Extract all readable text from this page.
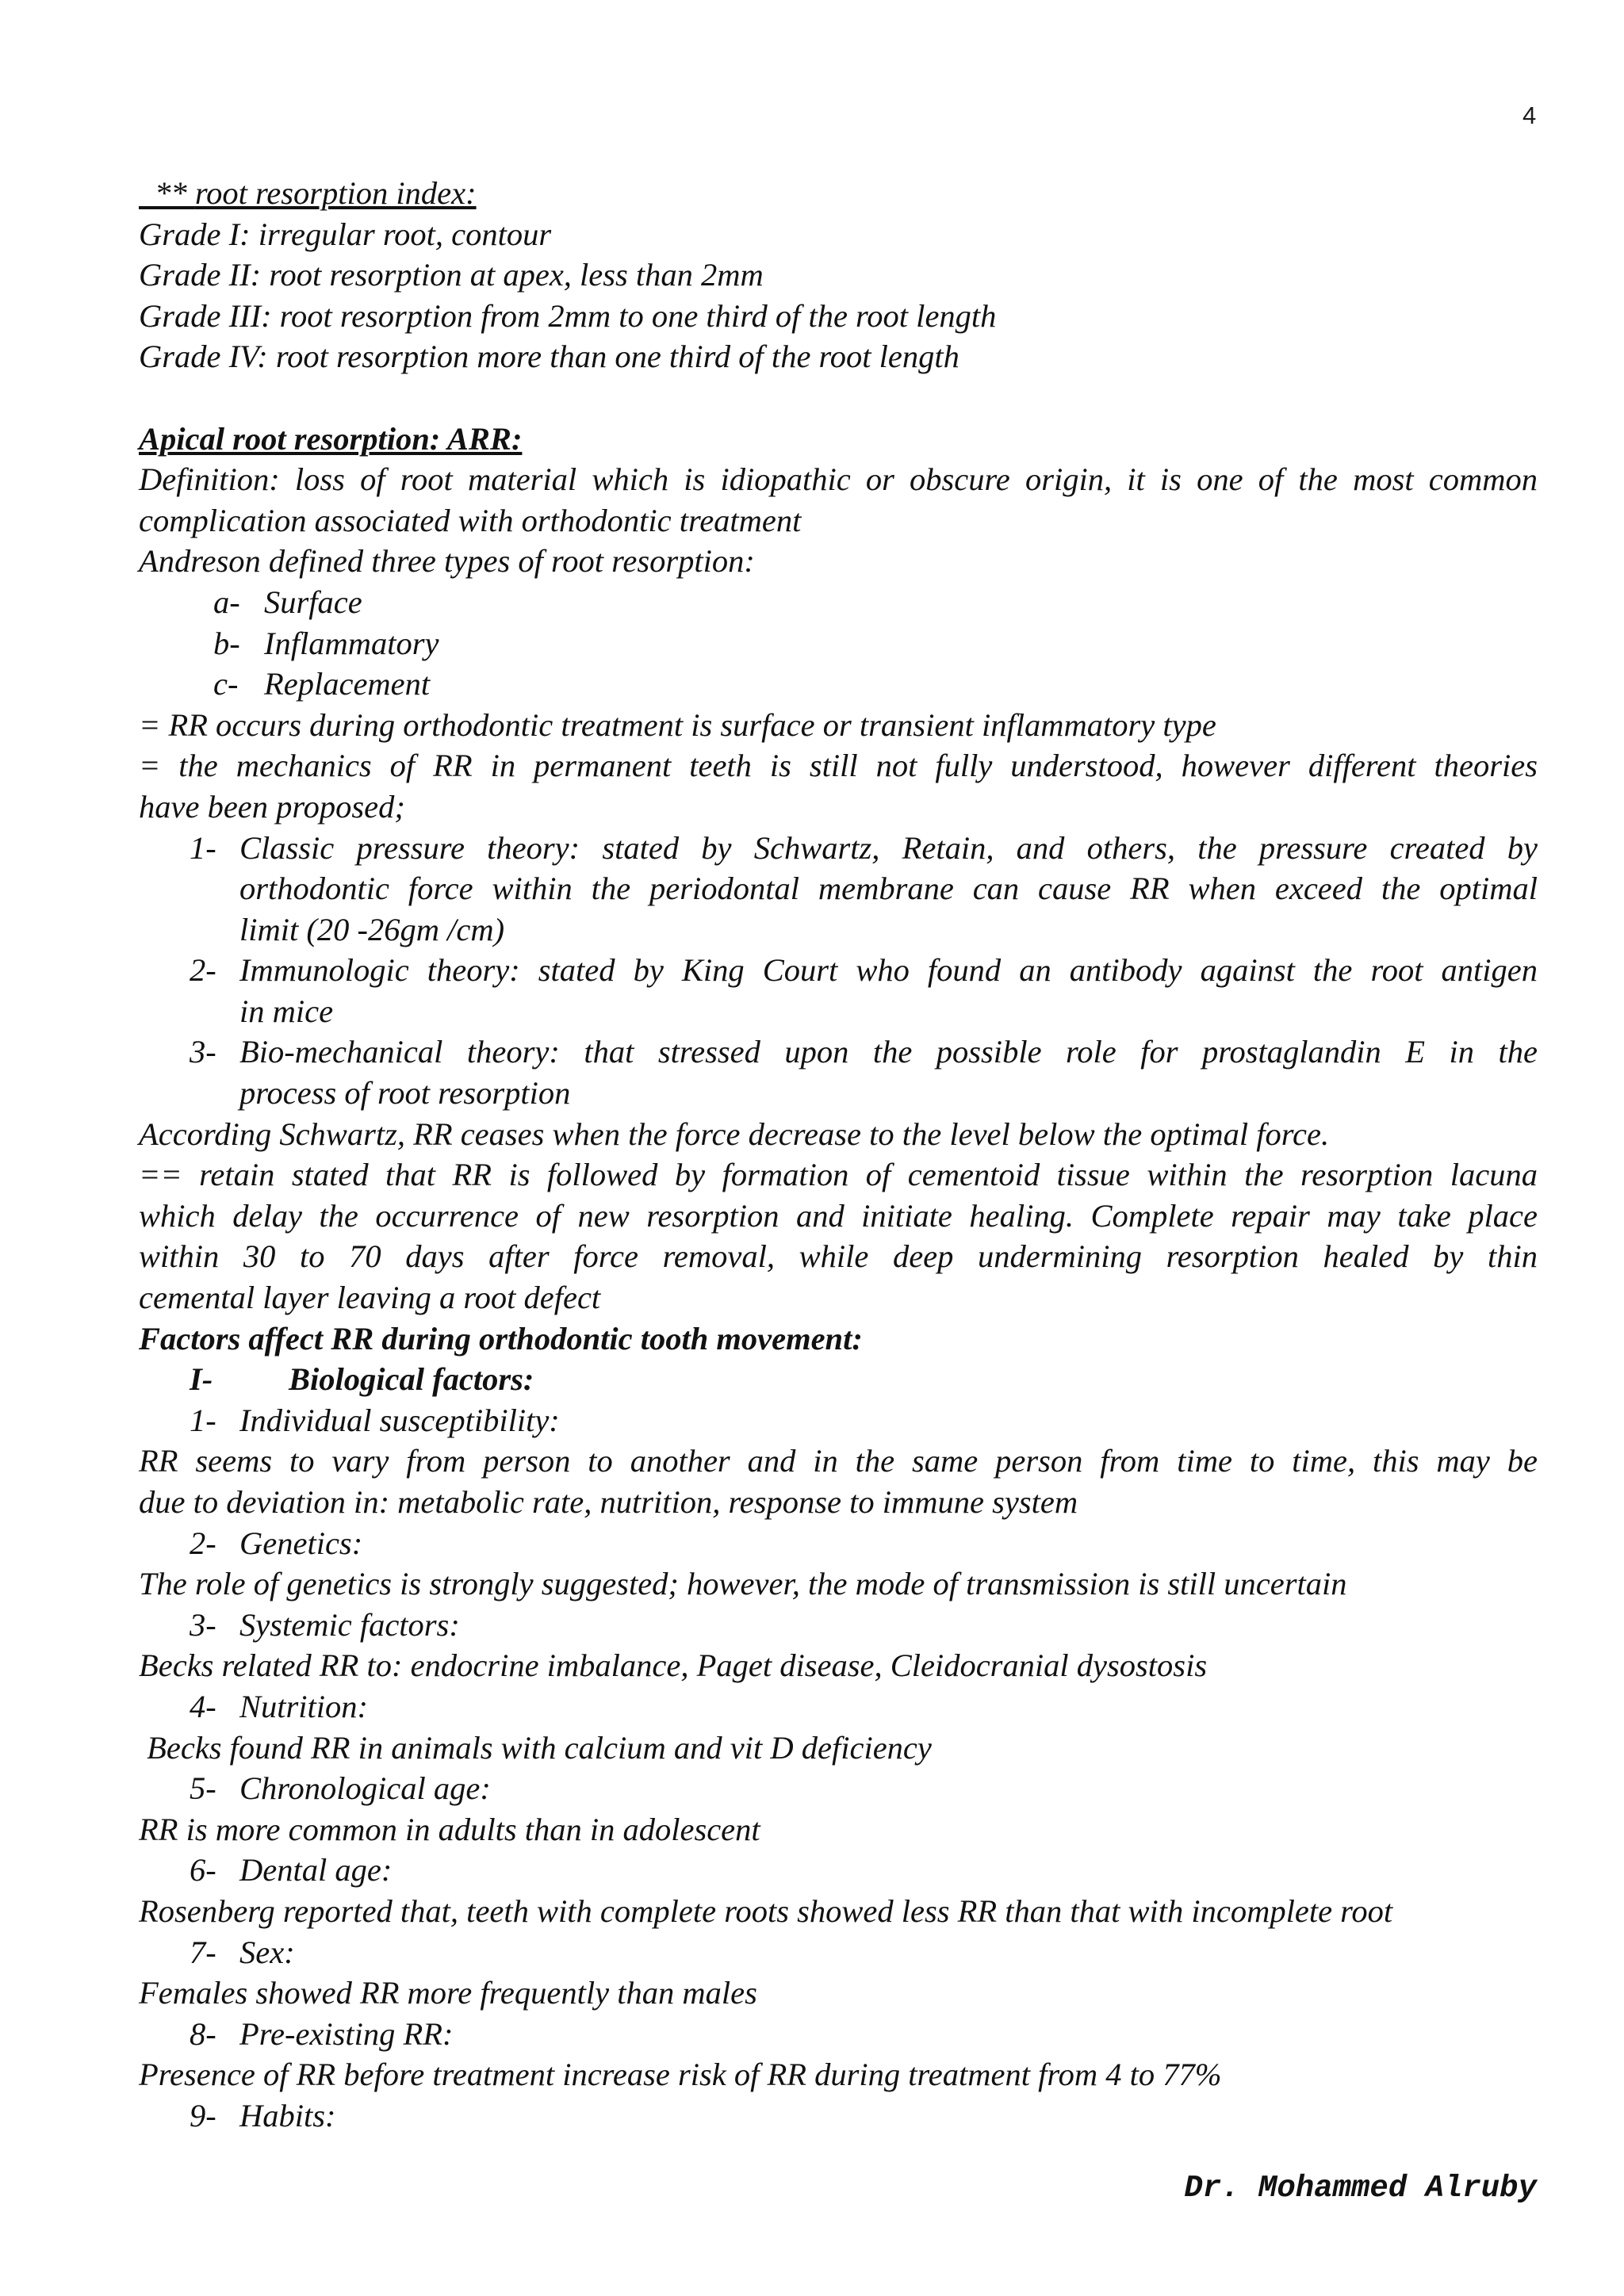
4
** root resorption index:
Grade I: irregular root, contour
Grade II: root resorption at apex, less than 2mm
Grade III: root resorption from 2mm to one third of the root length
Grade IV: root resorption more than one third of the root length
Apical root resorption: ARR:
Definition: loss of root material which is idiopathic or obscure origin, it is one of the most common
complication associated with orthodontic treatment
Andreson defined three types of root resorption:
a- Surface
b- Inflammatory
c- Replacement
= RR occurs during orthodontic treatment is surface or transient inflammatory type
= the mechanics of RR in permanent teeth is still not fully understood, however different theories
have been proposed;
1- Classic pressure theory: stated by Schwartz, Retain, and others, the pressure created by
orthodontic force within the periodontal membrane can cause RR when exceed the optimal
limit (20 -26gm /cm)
2- Immunologic theory: stated by King Court who found an antibody against the root antigen
in mice
3- Bio-mechanical theory: that stressed upon the possible role for prostaglandin E in the
process of root resorption
According Schwartz, RR ceases when the force decrease to the level below the optimal force.
== retain stated that RR is followed by formation of cementoid tissue within the resorption lacuna
which delay the occurrence of new resorption and initiate healing. Complete repair may take place
within 30 to 70 days after force removal, while deep undermining resorption healed by thin
cemental layer leaving a root defect
Factors affect RR during orthodontic tooth movement:
I-	Biological factors:
1- Individual susceptibility:
RR seems to vary from person to another and in the same person from time to time, this may be
due to deviation in: metabolic rate, nutrition, response to immune system
2- Genetics:
The role of genetics is strongly suggested; however, the mode of transmission is still uncertain
3- Systemic factors:
Becks related RR to: endocrine imbalance, Paget disease, Cleidocranial dysostosis
4- Nutrition:
Becks found RR in animals with calcium and vit D deficiency
5- Chronological age:
RR is more common in adults than in adolescent
6- Dental age:
Rosenberg reported that, teeth with complete roots showed less RR than that with incomplete root
7- Sex:
Females showed RR more frequently than males
8- Pre-existing RR:
Presence of RR before treatment increase risk of RR during treatment from 4 to 77%
9- Habits:
Dr. Mohammed Alruby
